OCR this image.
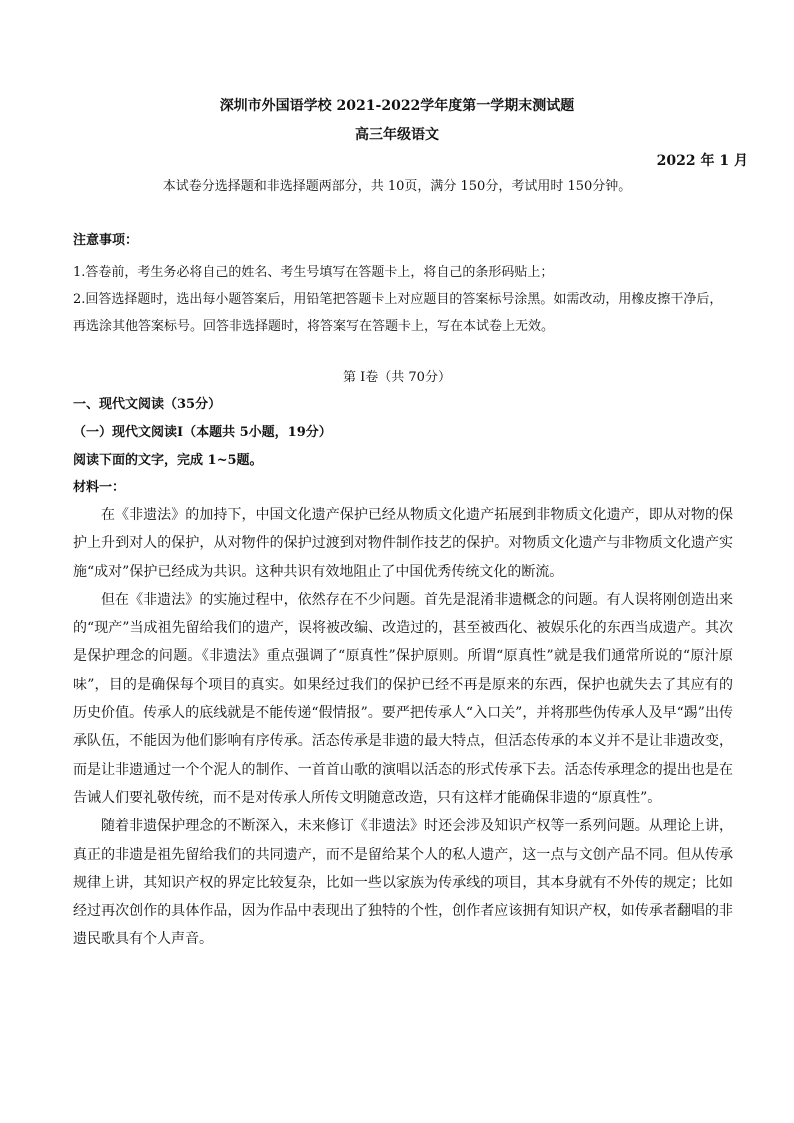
深圳市外国语学校 2021-2022学年度第一学期末测试题
高三年级语文
2022 年 1 月
本试卷分选择题和非选择题两部分，共 10页，满分 150分，考试用时 150分钟。
注意事项：

1.答卷前，考生务必将自己的姓名、考生号填写在答题卡上，将自己的条形码贴上；

2.回答选择题时，选出每小题答案后，用铅笔把答题卡上对应题目的答案标号涂黑。如需改动，用橡皮擦干净后，再选涂其他答案标号。回答非选择题时，将答案写在答题卡上，写在本试卷上无效。

第 I卷（共 70分）
一、现代文阅读（35分）
（一）现代文阅读Ⅰ（本题共 5小题，19分）
阅读下面的文字，完成 1~5题。
材料一：

在《非遗法》的加持下，中国文化遗产保护已经从物质文化遗产拓展到非物质文化遗产，即从对物的保护上升到对人的保护，从对物件的保护过渡到对物件制作技艺的保护。对物质文化遗产与非物质文化遗产实施“成对”保护已经成为共识。这种共识有效地阻止了中国优秀传统文化的断流。

但在《非遗法》的实施过程中，依然存在不少问题。首先是混淆非遗概念的问题。有人误将刚创造出来的“现产”当成祖先留给我们的遗产，误将被改编、改造过的，甚至被西化、被娱乐化的东西当成遗产。其次是保护理念的问题。《非遗法》重点强调了“原真性”保护原则。所谓“原真性”就是我们通常所说的“原汁原味”，目的是确保每个项目的真实。如果经过我们的保护已经不再是原来的东西，保护也就失去了其应有的历史价值。传承人的底线就是不能传递“假情报”。要严把传承人“入口关”，并将那些伪传承人及早“踢”出传承队伍，不能因为他们影响有序传承。活态传承是非遗的最大特点，但活态传承的本义并不是让非遗改变，而是让非遗通过一个个泥人的制作、一首首山歌的演唱以活态的形式传承下去。活态传承理念的提出也是在告诫人们要礼敬传统，而不是对传承人所传文明随意改造，只有这样才能确保非遗的“原真性”。

随着非遗保护理念的不断深入，未来修订《非遗法》时还会涉及知识产权等一系列问题。从理论上讲，真正的非遗是祖先留给我们的共同遗产，而不是留给某个人的私人遗产，这一点与文创产品不同。但从传承规律上讲，其知识产权的界定比较复杂，比如一些以家族为传承线的项目，其本身就有不外传的规定；比如经过再次创作的具体作品，因为作品中表现出了独特的个性，创作者应该拥有知识产权，如传承者翻唱的非遗民歌具有个人声音。
